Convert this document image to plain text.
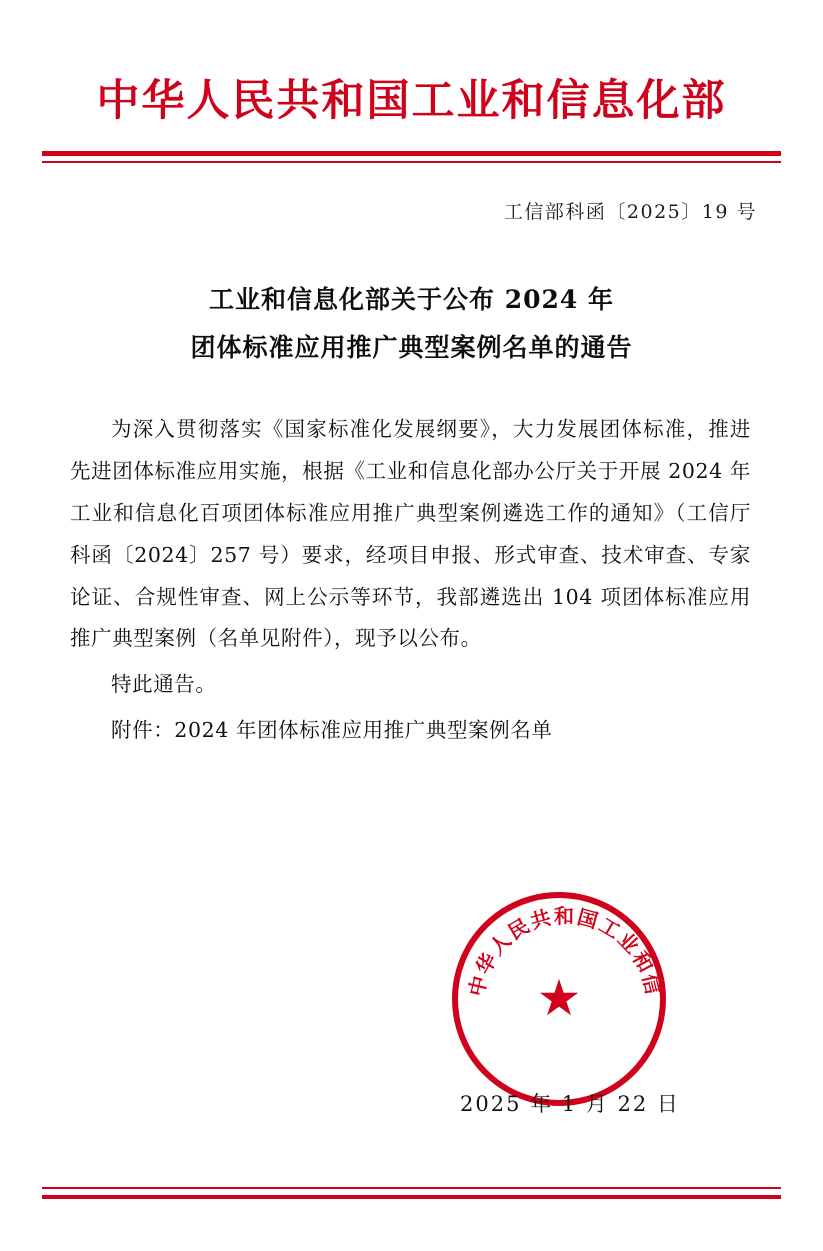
中华人民共和国工业和信息化部
工信部科函〔2025〕19 号
工业和信息化部关于公布 2024 年
团体标准应用推广典型案例名单的通告

为深入贯彻落实《国家标准化发展纲要》，大力发展团体标准，推进先进团体标准应用实施，根据《工业和信息化部办公厅关于开展 2024 年工业和信息化百项团体标准应用推广典型案例遴选工作的通知》（工信厅科函〔2024〕257 号）要求，经项目申报、形式审查、技术审查、专家论证、合规性审查、网上公示等环节，我部遴选出 104 项团体标准应用推广典型案例（名单见附件），现予以公布。

特此通告。

附件：2024 年团体标准应用推广典型案例名单

中华人民共和国工业和信
★
2025 年 1 月 22 日
